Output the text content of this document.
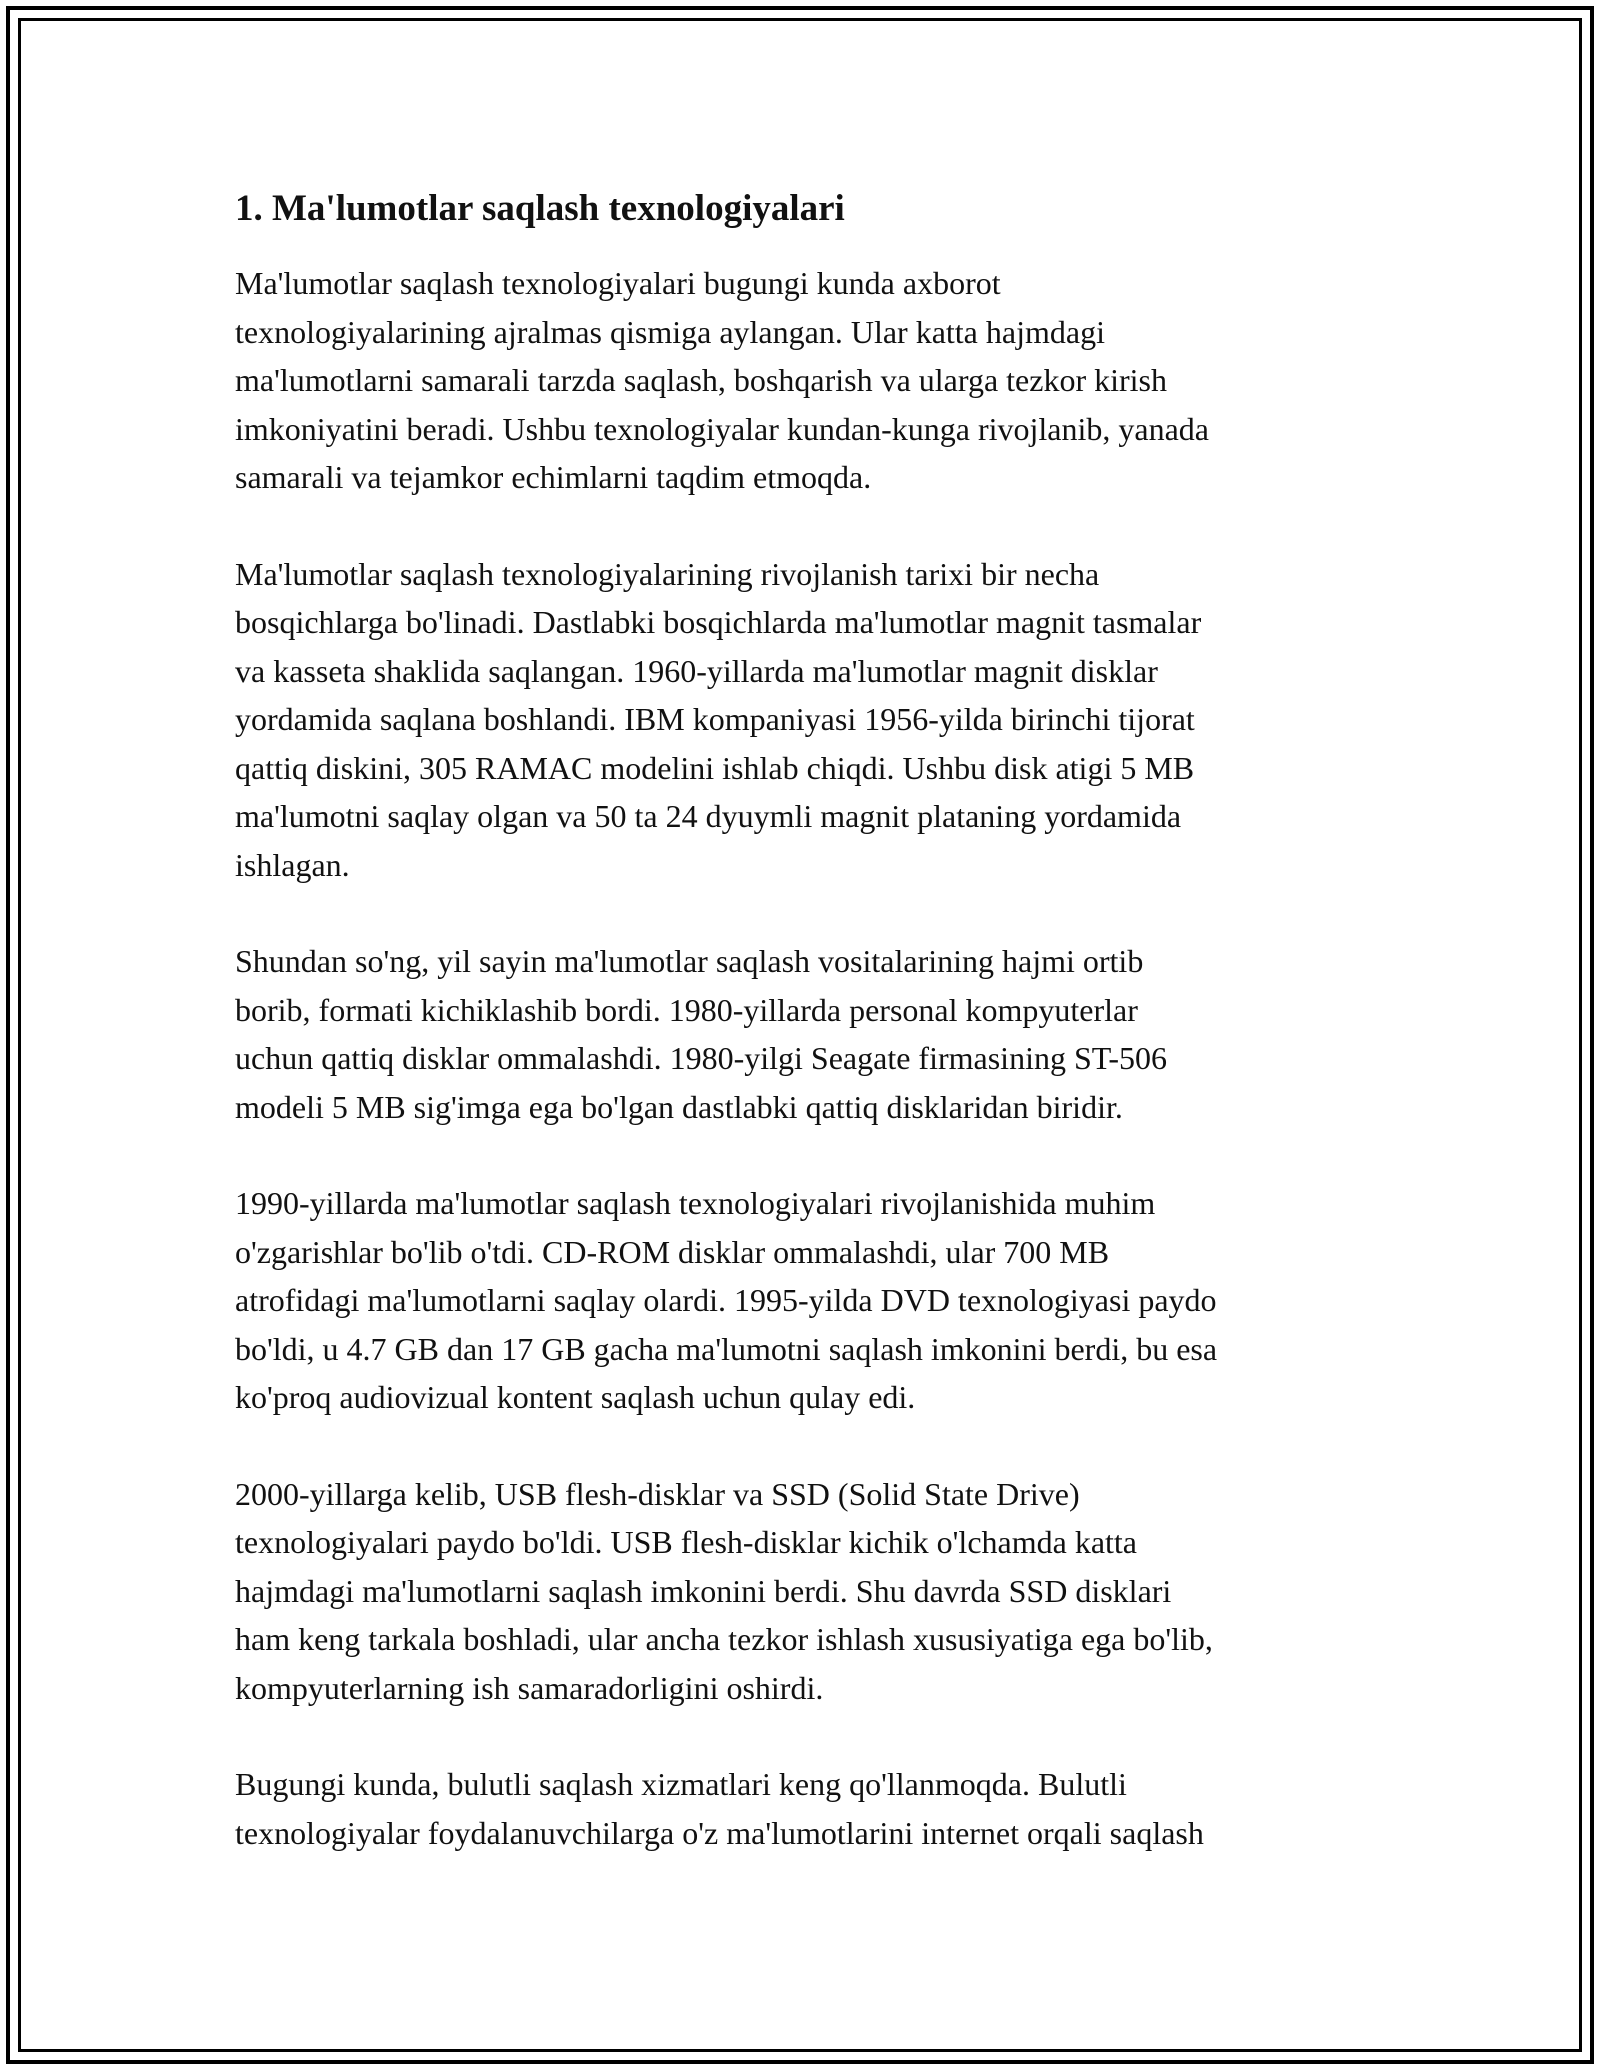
1. Ma'lumotlar saqlash texnologiyalari

Ma'lumotlar saqlash texnologiyalari bugungi kunda axborot
texnologiyalarining ajralmas qismiga aylangan. Ular katta hajmdagi
ma'lumotlarni samarali tarzda saqlash, boshqarish va ularga tezkor kirish
imkoniyatini beradi. Ushbu texnologiyalar kundan-kunga rivojlanib, yanada
samarali va tejamkor echimlarni taqdim etmoqda.

Ma'lumotlar saqlash texnologiyalarining rivojlanish tarixi bir necha
bosqichlarga bo'linadi. Dastlabki bosqichlarda ma'lumotlar magnit tasmalar
va kasseta shaklida saqlangan. 1960-yillarda ma'lumotlar magnit disklar
yordamida saqlana boshlandi. IBM kompaniyasi 1956-yilda birinchi tijorat
qattiq diskini, 305 RAMAC modelini ishlab chiqdi. Ushbu disk atigi 5 MB
ma'lumotni saqlay olgan va 50 ta 24 dyuymli magnit plataning yordamida
ishlagan.

Shundan so'ng, yil sayin ma'lumotlar saqlash vositalarining hajmi ortib
borib, formati kichiklashib bordi. 1980-yillarda personal kompyuterlar
uchun qattiq disklar ommalashdi. 1980-yilgi Seagate firmasining ST-506
modeli 5 MB sig'imga ega bo'lgan dastlabki qattiq disklaridan biridir.

1990-yillarda ma'lumotlar saqlash texnologiyalari rivojlanishida muhim
o'zgarishlar bo'lib o'tdi. CD-ROM disklar ommalashdi, ular 700 MB
atrofidagi ma'lumotlarni saqlay olardi. 1995-yilda DVD texnologiyasi paydo
bo'ldi, u 4.7 GB dan 17 GB gacha ma'lumotni saqlash imkonini berdi, bu esa
ko'proq audiovizual kontent saqlash uchun qulay edi.

2000-yillarga kelib, USB flesh-disklar va SSD (Solid State Drive)
texnologiyalari paydo bo'ldi. USB flesh-disklar kichik o'lchamda katta
hajmdagi ma'lumotlarni saqlash imkonini berdi. Shu davrda SSD disklari
ham keng tarkala boshladi, ular ancha tezkor ishlash xususiyatiga ega bo'lib,
kompyuterlarning ish samaradorligini oshirdi.

Bugungi kunda, bulutli saqlash xizmatlari keng qo'llanmoqda. Bulutli
texnologiyalar foydalanuvchilarga o'z ma'lumotlarini internet orqali saqlash
